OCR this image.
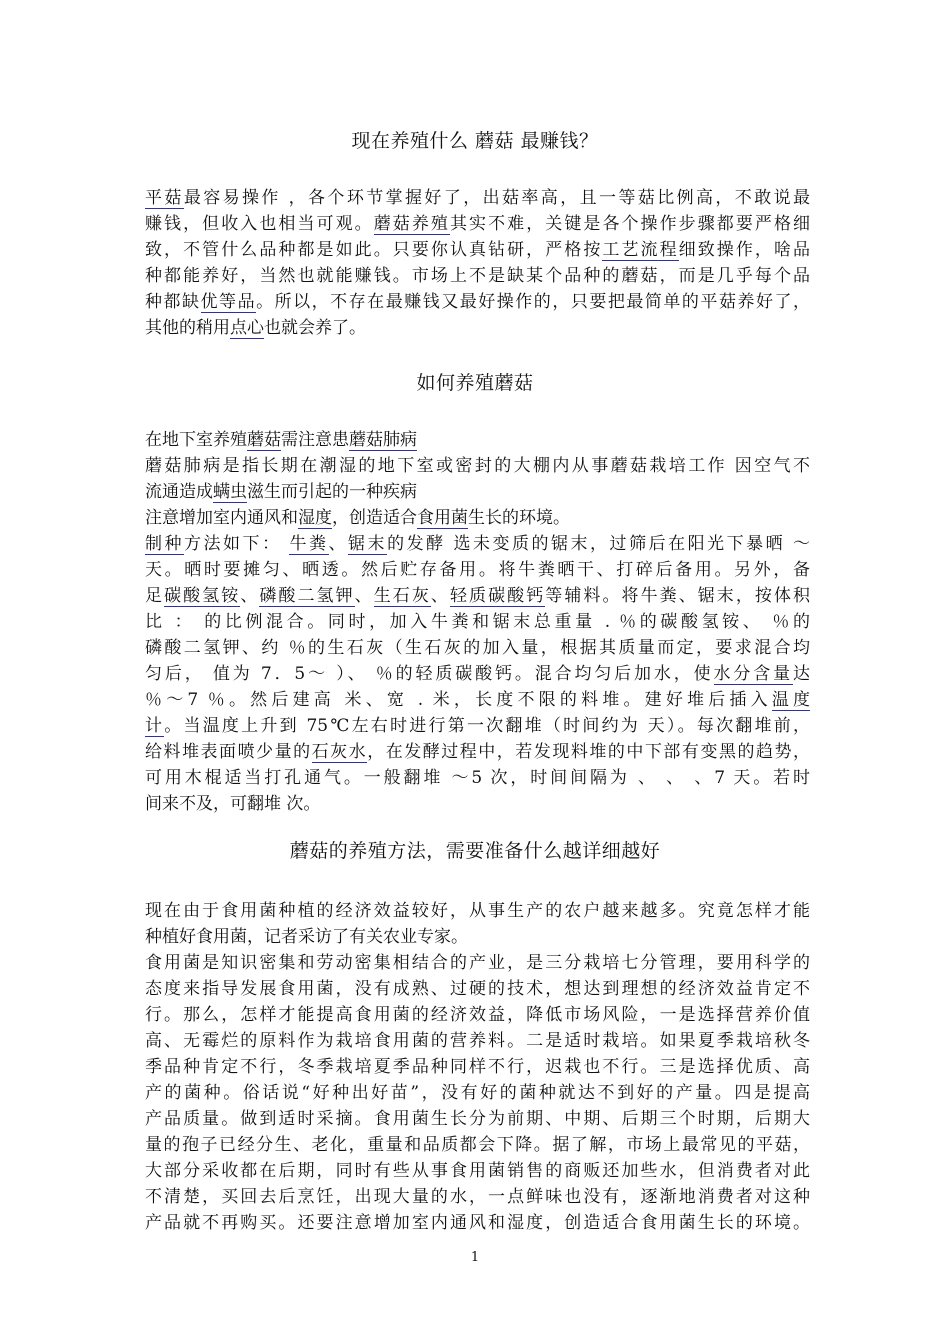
现在养殖什么 蘑菇 最赚钱？
平菇最容易操作 ，各个环节掌握好了，出菇率高，且一等菇比例高，不敢说最
赚钱，但收入也相当可观。蘑菇养殖其实不难，关键是各个操作步骤都要严格细
致，不管什么品种都是如此。只要你认真钻研，严格按工艺流程细致操作，啥品
种都能养好，当然也就能赚钱。市场上不是缺某个品种的蘑菇，而是几乎每个品
种都缺优等品。所以，不存在最赚钱又最好操作的，只要把最简单的平菇养好了，
其他的稍用点心也就会养了。
如何养殖蘑菇
在地下室养殖蘑菇需注意患蘑菇肺病
蘑菇肺病是指长期在潮湿的地下室或密封的大棚内从事蘑菇栽培工作 因空气不
流通造成螨虫滋生而引起的一种疾病
注意增加室内通风和湿度，创造适合食用菌生长的环境。
制种方法如下： 牛粪、锯末的发酵 选未变质的锯末，过筛后在阳光下暴晒 ～
天。晒时要摊匀、晒透。然后贮存备用。将牛粪晒干、打碎后备用。另外，备
足碳酸氢铵、磷酸二氢钾、生石灰、轻质碳酸钙等辅料。将牛粪、锯末，按体积
比 ： 的比例混合。同时，加入牛粪和锯末总重量 . ％的碳酸氢铵、 ％的
磷酸二氢钾、约 ％的生石灰（生石灰的加入量，根据其质量而定，要求混合均
匀后， 值为 7．5～ ）、 ％的轻质碳酸钙。混合均匀后加水，使水分含量达
％～7 ％。然后建高 米、宽 . 米，长度不限的料堆。建好堆后插入温度
计。当温度上升到 75℃左右时进行第一次翻堆（时间约为 天）。每次翻堆前，
给料堆表面喷少量的石灰水，在发酵过程中，若发现料堆的中下部有变黑的趋势，
可用木棍适当打孔通气。一般翻堆 ～5 次，时间间隔为 、 、 、7 天。若时
间来不及，可翻堆 次。
蘑菇的养殖方法，需要准备什么越详细越好
现在由于食用菌种植的经济效益较好，从事生产的农户越来越多。究竟怎样才能
种植好食用菌，记者采访了有关农业专家。
食用菌是知识密集和劳动密集相结合的产业，是三分栽培七分管理，要用科学的
态度来指导发展食用菌，没有成熟、过硬的技术，想达到理想的经济效益肯定不
行。那么，怎样才能提高食用菌的经济效益，降低市场风险，一是选择营养价值
高、无霉烂的原料作为栽培食用菌的营养料。二是适时栽培。如果夏季栽培秋冬
季品种肯定不行，冬季栽培夏季品种同样不行，迟栽也不行。三是选择优质、高
产的菌种。俗话说“好种出好苗”，没有好的菌种就达不到好的产量。四是提高
产品质量。做到适时采摘。食用菌生长分为前期、中期、后期三个时期，后期大
量的孢子已经分生、老化，重量和品质都会下降。据了解，市场上最常见的平菇，
大部分采收都在后期，同时有些从事食用菌销售的商贩还加些水，但消费者对此
不清楚，买回去后烹饪，出现大量的水，一点鲜味也没有，逐渐地消费者对这种
产品就不再购买。还要注意增加室内通风和湿度，创造适合食用菌生长的环境。
1
